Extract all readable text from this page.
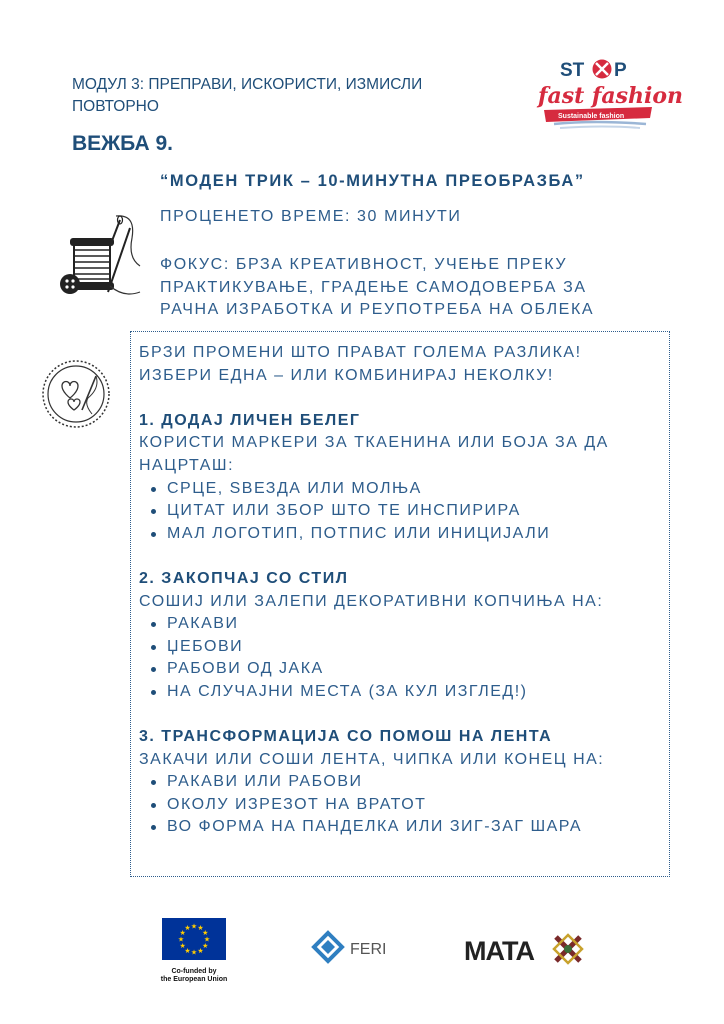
МОДУЛ 3: ПРЕПРАВИ, ИСКОРИСТИ, ИЗМИСЛИ ПОВТОРНО
ВЕЖБА 9.
“МОДЕН ТРИК – 10-МИНУТНА ПРЕОБРАЗБА”
ПРОЦЕНЕТО ВРЕМЕ: 30 МИНУТИ
ФОКУС: БРЗА КРЕАТИВНОСТ, УЧЕЊЕ ПРЕКУ ПРАКТИКУВАЊЕ, ГРАДЕЊЕ САМОДОВЕРБА ЗА РАЧНА ИЗРАБОТКА И РЕУПОТРЕБА НА ОБЛЕКА
ST P
fast fashion
Sustainable fashion

БРЗИ ПРОМЕНИ ШТО ПРАВАТ ГОЛЕМА РАЗЛИКА!

ИЗБЕРИ ЕДНА – ИЛИ КОМБИНИРАЈ НЕКОЛКУ!

1. ДОДАЈ ЛИЧЕН БЕЛЕГ

КОРИСТИ МАРКЕРИ ЗА ТКАЕНИНА ИЛИ БОЈА ЗА ДА НАЦРТАШ:

СРЦЕ, ЅВЕЗДА ИЛИ МОЛЊА
ЦИТАТ ИЛИ ЗБОР ШТО ТЕ ИНСПИРИРА
МАЛ ЛОГОТИП, ПОТПИС ИЛИ ИНИЦИЈАЛИ

2. ЗАКОПЧАЈ СО СТИЛ

СОШИЈ ИЛИ ЗАЛЕПИ ДЕКОРАТИВНИ КОПЧИЊА НА:

РАКАВИ
ЏЕБОВИ
РАБОВИ ОД ЈАКА
НА СЛУЧАЈНИ МЕСТА (ЗА КУЛ ИЗГЛЕД!)

3. ТРАНСФОРМАЦИЈА СО ПОМОШ НА ЛЕНТА

ЗАКАЧИ ИЛИ СОШИ ЛЕНТА, ЧИПКА ИЛИ КОНЕЦ НА:

РАКАВИ ИЛИ РАБОВИ
ОКОЛУ ИЗРЕЗОТ НА ВРАТОТ
ВО ФОРМА НА ПАНДЕЛКА ИЛИ ЗИГ-ЗАГ ШАРА
★
★
★
★
★
★
★
★
★ ★ ★
★
Co-funded by
the European Union
FERI	MATA
